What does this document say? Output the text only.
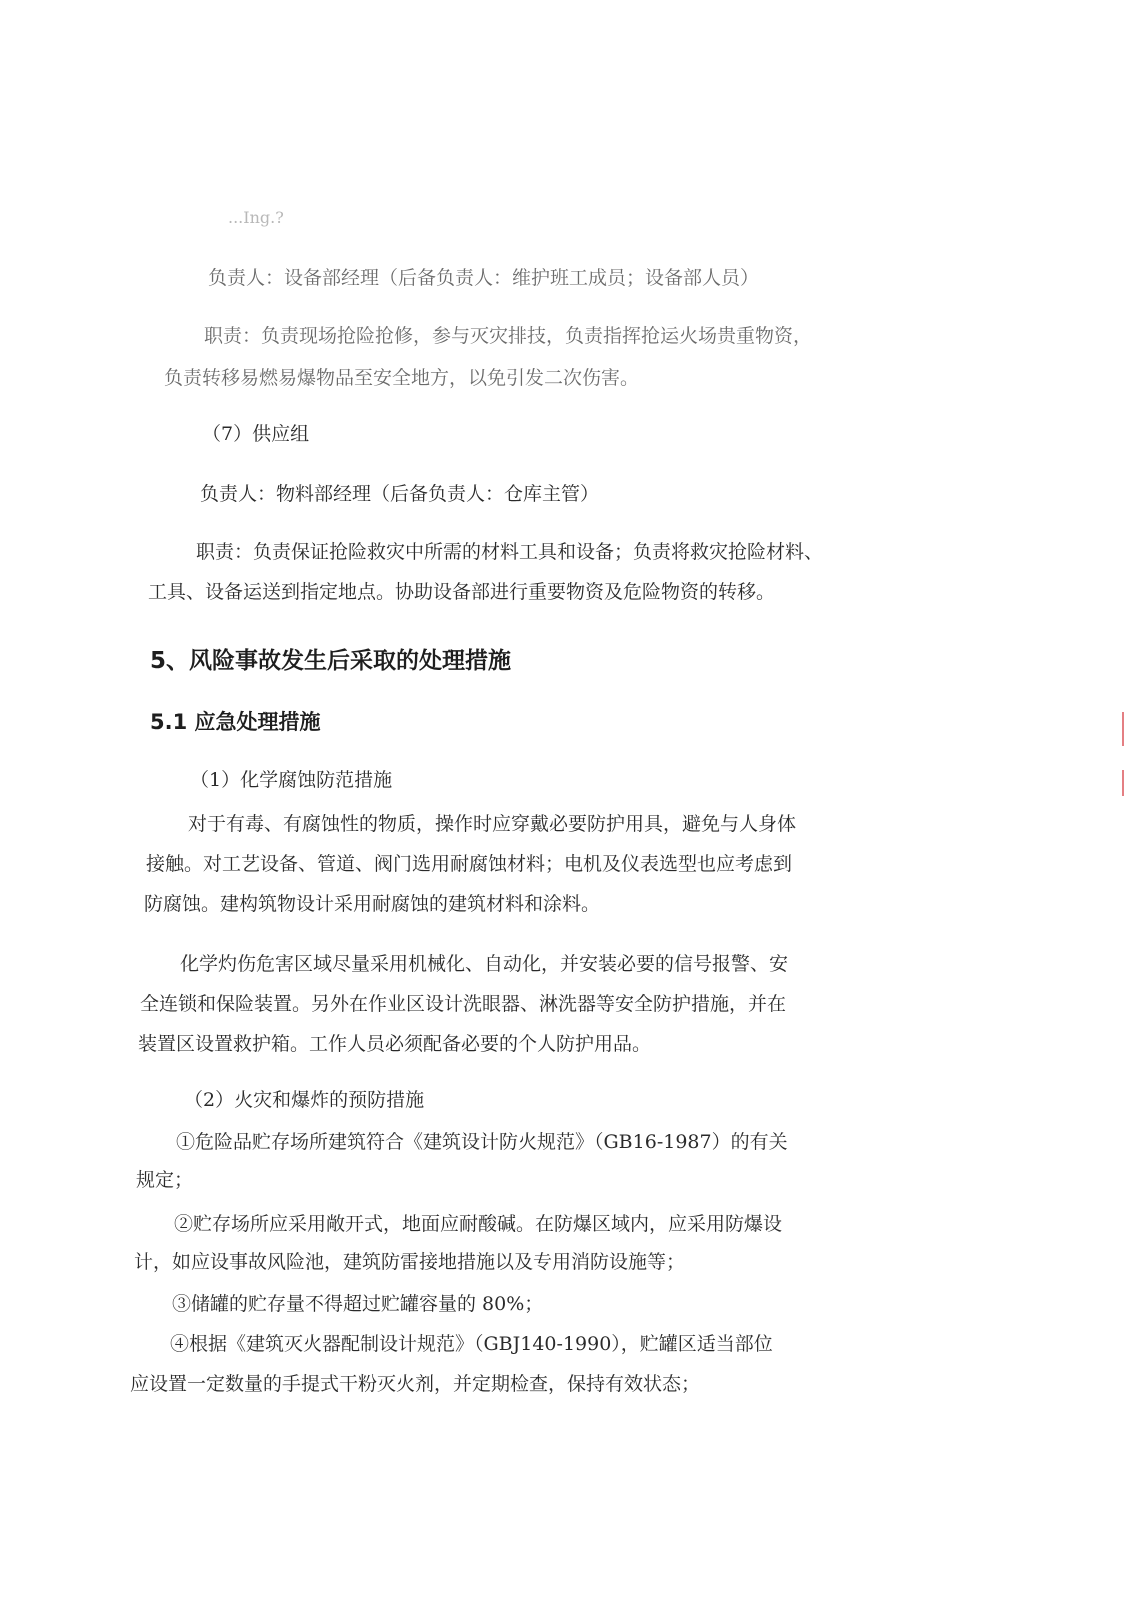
...Ing.?
负责人：设备部经理（后备负责人：维护班工成员；设备部人员）
职责：负责现场抢险抢修，参与灭灾排技，负责指挥抢运火场贵重物资，
负责转移易燃易爆物品至安全地方，以免引发二次伤害。
（7）供应组
负责人：物料部经理（后备负责人：仓库主管）
职责：负责保证抢险救灾中所需的材料工具和设备；负责将救灾抢险材料、
工具、设备运送到指定地点。协助设备部进行重要物资及危险物资的转移。
5、风险事故发生后采取的处理措施
5.1 应急处理措施
（1）化学腐蚀防范措施
对于有毒、有腐蚀性的物质，操作时应穿戴必要防护用具，避免与人身体
接触。对工艺设备、管道、阀门选用耐腐蚀材料；电机及仪表选型也应考虑到
防腐蚀。建构筑物设计采用耐腐蚀的建筑材料和涂料。
化学灼伤危害区域尽量采用机械化、自动化，并安装必要的信号报警、安
全连锁和保险装置。另外在作业区设计洗眼器、淋洗器等安全防护措施，并在
装置区设置救护箱。工作人员必须配备必要的个人防护用品。
（2）火灾和爆炸的预防措施
①危险品贮存场所建筑符合《建筑设计防火规范》（GB16-1987）的有关
规定；
②贮存场所应采用敞开式，地面应耐酸碱。在防爆区域内，应采用防爆设
计，如应设事故风险池，建筑防雷接地措施以及专用消防设施等；
③储罐的贮存量不得超过贮罐容量的 80%；
④根据《建筑灭火器配制设计规范》（GBJ140-1990），贮罐区适当部位
应设置一定数量的手提式干粉灭火剂，并定期检查，保持有效状态；
